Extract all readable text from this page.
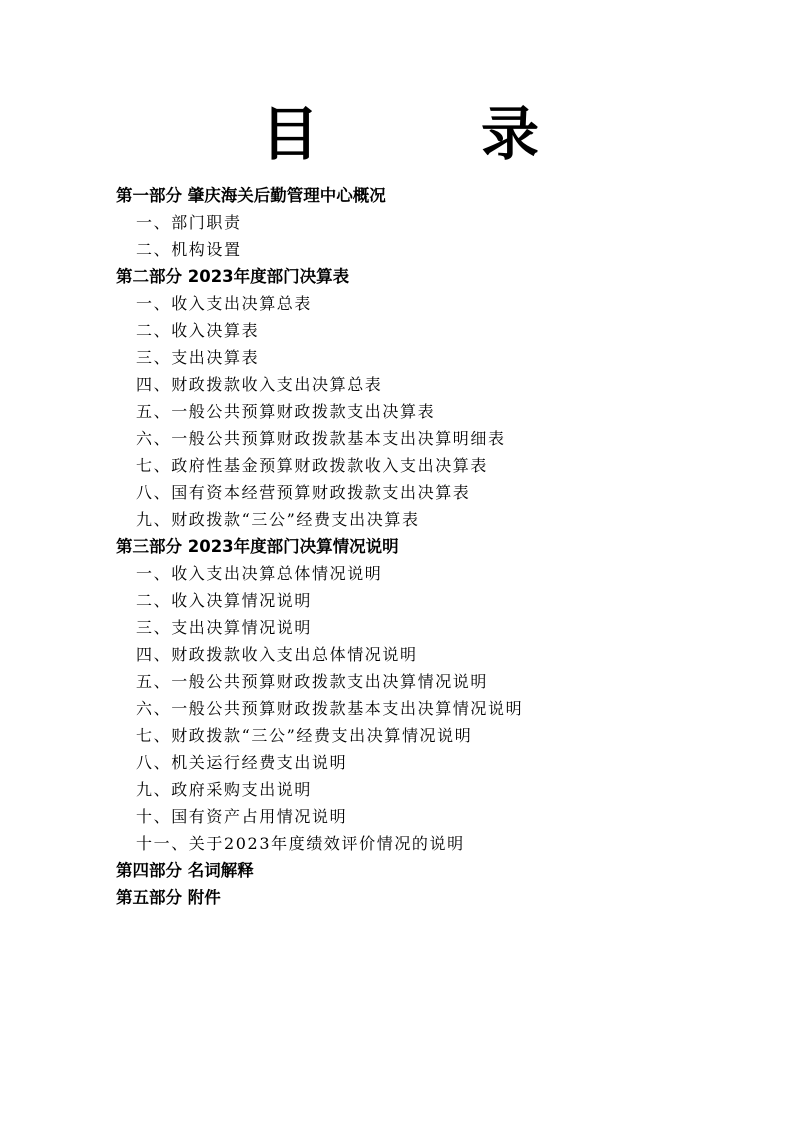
目　录
第一部分 肇庆海关后勤管理中心概况
一、部门职责
二、机构设置
第二部分 2023年度部门决算表
一、收入支出决算总表
二、收入决算表
三、支出决算表
四、财政拨款收入支出决算总表
五、一般公共预算财政拨款支出决算表
六、一般公共预算财政拨款基本支出决算明细表
七、政府性基金预算财政拨款收入支出决算表
八、国有资本经营预算财政拨款支出决算表
九、财政拨款“三公”经费支出决算表
第三部分 2023年度部门决算情况说明
一、收入支出决算总体情况说明
二、收入决算情况说明
三、支出决算情况说明
四、财政拨款收入支出总体情况说明
五、一般公共预算财政拨款支出决算情况说明
六、一般公共预算财政拨款基本支出决算情况说明
七、财政拨款“三公”经费支出决算情况说明
八、机关运行经费支出说明
九、政府采购支出说明
十、国有资产占用情况说明
十一、关于2023年度绩效评价情况的说明
第四部分 名词解释
第五部分 附件
